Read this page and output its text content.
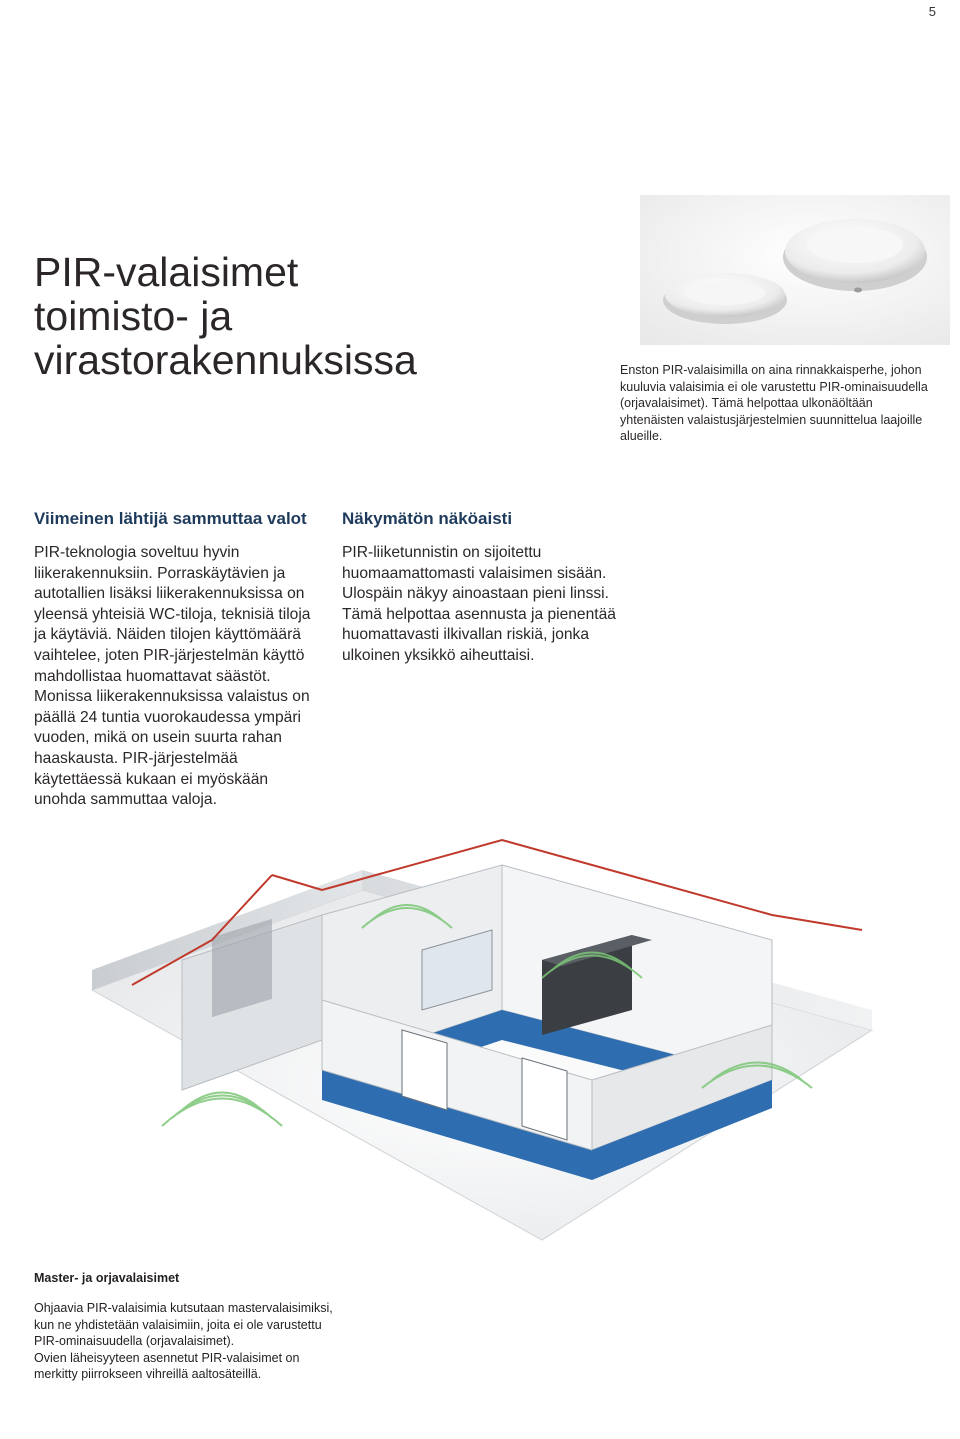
5
PIR-valaisimet
toimisto- ja
virastorakennuksissa	Enston PIR-valaisimilla on aina rinnakkaisperhe, johon kuuluvia valaisimia ei ole varustettu PIR-ominaisuudella (orjavalaisimet). Tämä helpottaa ulkonäöltään yhtenäisten valaistusjärjestelmien suunnittelua laajoille alueille.
Viimeinen lähtijä sammuttaa valot
PIR-teknologia soveltuu hyvin liikerakennuksiin. Porraskäytävien ja autotallien lisäksi liikerakennuksissa on yleensä yhteisiä WC-tiloja, teknisiä tiloja ja käytäviä. Näiden tilojen käyttömäärä vaihtelee, joten PIR-järjestelmän käyttö mahdollistaa huomattavat säästöt. Monissa liikerakennuksissa valaistus on päällä 24 tuntia vuorokaudessa ympäri vuoden, mikä on usein suurta rahan haaskausta. PIR-järjestelmää käytettäessä kukaan ei myöskään unohda sammuttaa valoja.
Näkymätön näköaisti
PIR-liiketunnistin on sijoitettu huomaamattomasti valaisimen sisään. Ulospäin näkyy ainoastaan pieni linssi. Tämä helpottaa asennusta ja pienentää huomattavasti ilkivallan riskiä, jonka ulkoinen yksikkö aiheuttaisi.
Master- ja orjavalaisimet

Ohjaavia PIR-valaisimia kutsutaan mastervalaisimiksi, kun ne yhdistetään valaisimiin, joita ei ole varustettu PIR-ominaisuudella (orjavalaisimet).

Ovien läheisyyteen asennetut PIR-valaisimet on merkitty piirrokseen vihreillä aaltosäteillä.
